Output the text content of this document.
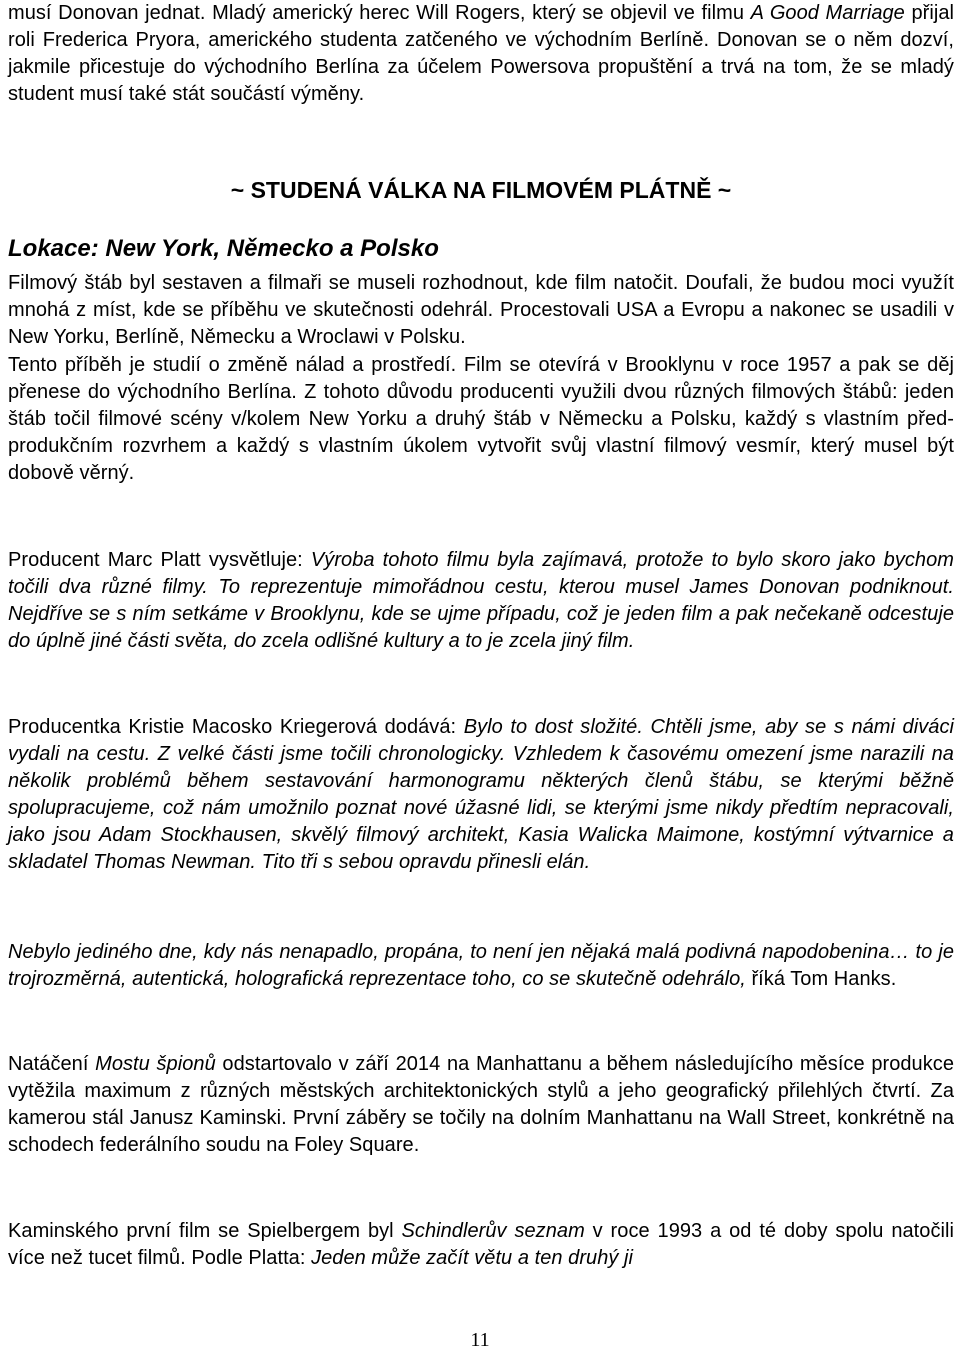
musí Donovan jednat. Mladý americký herec Will Rogers, který se objevil ve filmu A Good Marriage přijal roli Frederica Pryora, amerického studenta zatčeného ve východním Berlíně. Donovan se o něm dozví, jakmile přicestuje do východního Berlína za účelem Powersova propuštění a trvá na tom, že se mladý student musí také stát součástí výměny.

~ STUDENÁ VÁLKA NA FILMOVÉM PLÁTNĚ ~
Lokace: New York, Německo a Polsko

Filmový štáb byl sestaven a filmaři se museli rozhodnout, kde film natočit. Doufali, že budou moci využít mnohá z míst, kde se příběhu ve skutečnosti odehrál. Procestovali USA a Evropu a nakonec se usadili v New Yorku, Berlíně, Německu a Wroclawi v Polsku.

Tento příběh je studií o změně nálad a prostředí. Film se otevírá v Brooklynu v roce 1957 a pak se děj přenese do východního Berlína. Z tohoto důvodu producenti využili dvou různých filmových štábů: jeden štáb točil filmové scény v/kolem New Yorku a druhý štáb v Německu a Polsku, každý s vlastním před-produkčním rozvrhem a každý s vlastním úkolem vytvořit svůj vlastní filmový vesmír, který musel být dobově věrný.

Producent Marc Platt vysvětluje: Výroba tohoto filmu byla zajímavá, protože to bylo skoro jako bychom točili dva různé filmy. To reprezentuje mimořádnou cestu, kterou musel James Donovan podniknout. Nejdříve se s ním setkáme v Brooklynu, kde se ujme případu, což je jeden film a pak nečekaně odcestuje do úplně jiné části světa, do zcela odlišné kultury a to je zcela jiný film.

Producentka Kristie Macosko Kriegerová dodává: Bylo to dost složité. Chtěli jsme, aby se s námi diváci vydali na cestu. Z velké části jsme točili chronologicky. Vzhledem k časovému omezení jsme narazili na několik problémů během sestavování harmonogramu některých členů štábu, se kterými běžně spolupracujeme, což nám umožnilo poznat nové úžasné lidi, se kterými jsme nikdy předtím nepracovali, jako jsou Adam Stockhausen, skvělý filmový architekt, Kasia Walicka Maimone, kostýmní výtvarnice a skladatel Thomas Newman. Tito tři s sebou opravdu přinesli elán.

Nebylo jediného dne, kdy nás nenapadlo, propána, to není jen nějaká malá podivná napodobenina… to je trojrozměrná, autentická, holografická reprezentace toho, co se skutečně odehrálo, říká Tom Hanks.

Natáčení Mostu špionů odstartovalo v září 2014 na Manhattanu a během následujícího měsíce produkce vytěžila maximum z různých městských architektonických stylů a jeho geografický přilehlých čtvrtí. Za kamerou stál Janusz Kaminski. První záběry se točily na dolním Manhattanu na Wall Street, konkrétně na schodech federálního soudu na Foley Square.

Kaminského první film se Spielbergem byl Schindlerův seznam v roce 1993 a od té doby spolu natočili více než tucet filmů. Podle Platta: Jeden může začít větu a ten druhý ji

11
